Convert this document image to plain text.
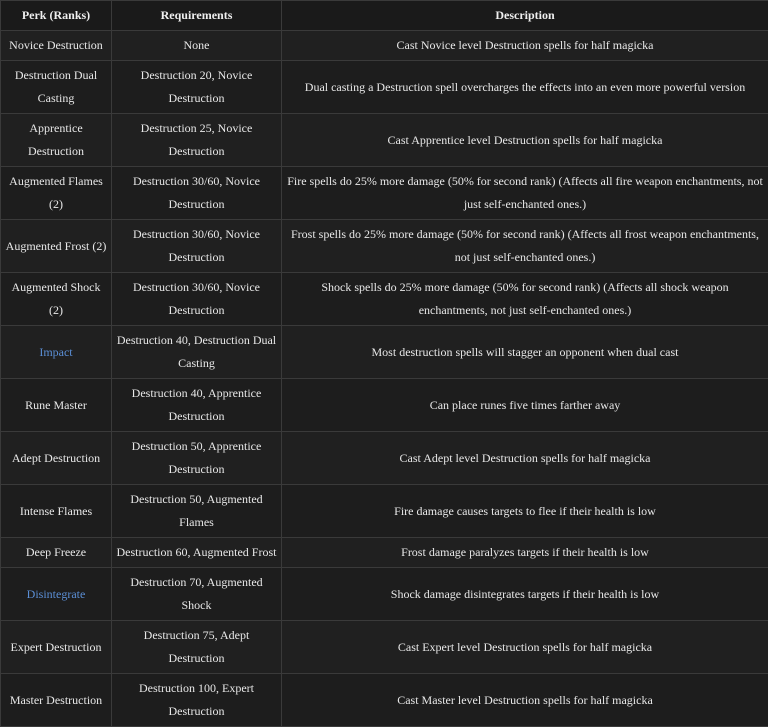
Perk (Ranks)	Requirements	Description
Novice Destruction	None	Cast Novice level Destruction spells for half magicka
Destruction Dual Casting	Destruction 20, Novice Destruction	Dual casting a Destruction spell overcharges the effects into an even more powerful version
Apprentice Destruction	Destruction 25, Novice Destruction	Cast Apprentice level Destruction spells for half magicka
Augmented Flames (2)	Destruction 30/60, Novice Destruction	Fire spells do 25% more damage (50% for second rank) (Affects all fire weapon enchantments, not just self-enchanted ones.)
Augmented Frost (2)	Destruction 30/60, Novice Destruction	Frost spells do 25% more damage (50% for second rank) (Affects all frost weapon enchantments, not just self-enchanted ones.)
Augmented Shock (2)	Destruction 30/60, Novice Destruction	Shock spells do 25% more damage (50% for second rank) (Affects all shock weapon enchantments, not just self-enchanted ones.)
Impact	Destruction 40, Destruction Dual Casting	Most destruction spells will stagger an opponent when dual cast
Rune Master	Destruction 40, Apprentice Destruction	Can place runes five times farther away
Adept Destruction	Destruction 50, Apprentice Destruction	Cast Adept level Destruction spells for half magicka
Intense Flames	Destruction 50, Augmented Flames	Fire damage causes targets to flee if their health is low
Deep Freeze	Destruction 60, Augmented Frost	Frost damage paralyzes targets if their health is low
Disintegrate	Destruction 70, Augmented Shock	Shock damage disintegrates targets if their health is low
Expert Destruction	Destruction 75, Adept Destruction	Cast Expert level Destruction spells for half magicka
Master Destruction	Destruction 100, Expert Destruction	Cast Master level Destruction spells for half magicka
